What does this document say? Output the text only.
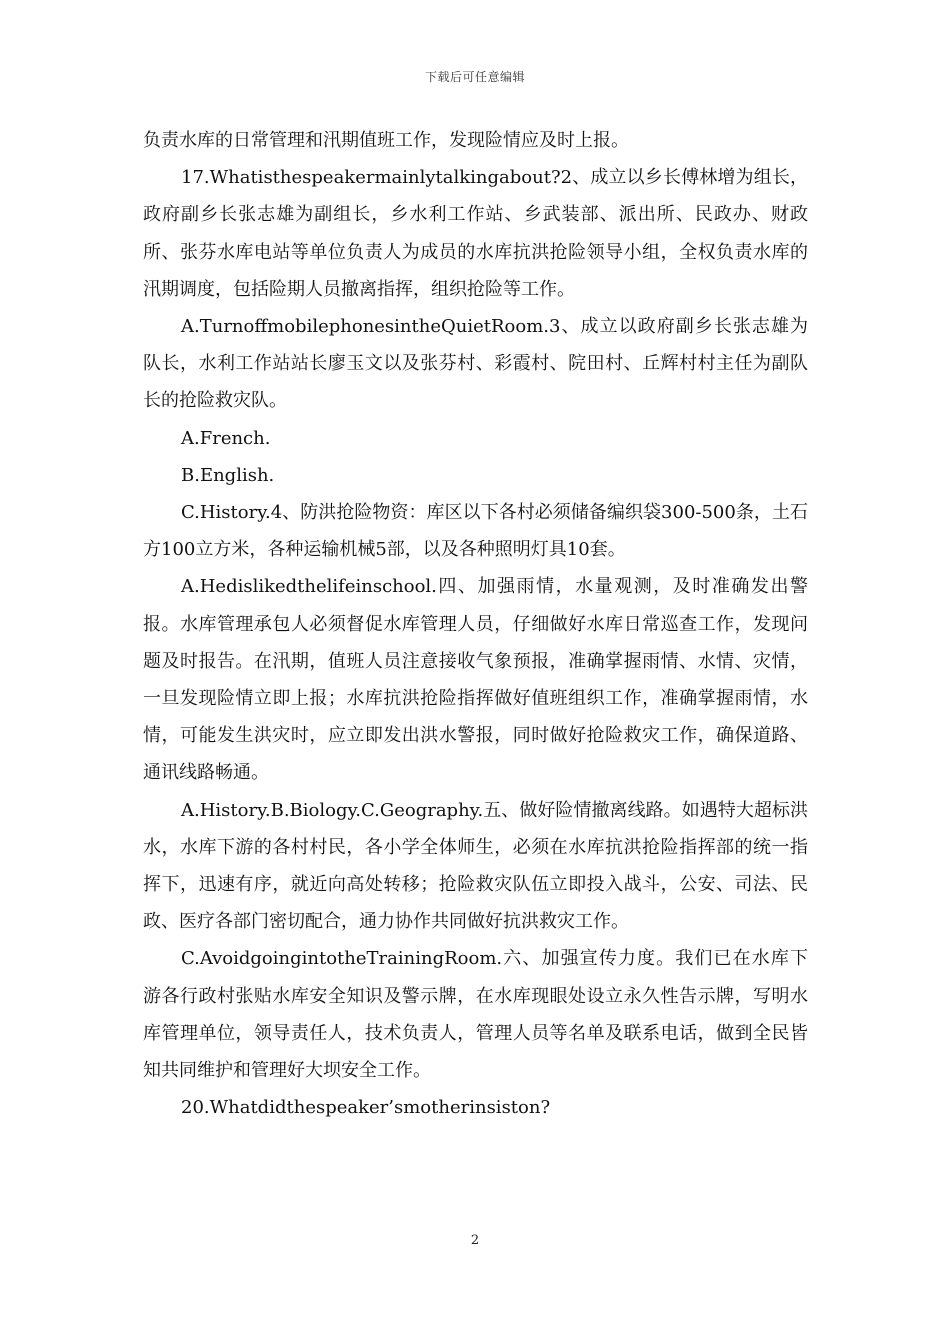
下载后可任意编辑

负责水库的日常管理和汛期值班工作，发现险情应及时上报。

17.Whatisthespeakermainlytalkingabout?2、成立以乡长傅林增为组长，政府副乡长张志雄为副组长，乡水利工作站、乡武装部、派出所、民政办、财政所、张芬水库电站等单位负责人为成员的水库抗洪抢险领导小组，全权负责水库的汛期调度，包括险期人员撤离指挥，组织抢险等工作。

A.TurnoffmobilephonesintheQuietRoom.3、成立以政府副乡长张志雄为队长，水利工作站站长廖玉文以及张芬村、彩霞村、院田村、丘辉村村主任为副队长的抢险救灾队。

A.French.

B.English.

C.History.4、防洪抢险物资：库区以下各村必须储备编织袋300-500条，土石方100立方米，各种运输机械5部，以及各种照明灯具10套。

A.Hedislikedthelifeinschool.四、加强雨情，水量观测，及时准确发出警报。水库管理承包人必须督促水库管理人员，仔细做好水库日常巡查工作，发现问题及时报告。在汛期，值班人员注意接收气象预报，准确掌握雨情、水情、灾情，一旦发现险情立即上报；水库抗洪抢险指挥做好值班组织工作，准确掌握雨情，水情，可能发生洪灾时，应立即发出洪水警报，同时做好抢险救灾工作，确保道路、通讯线路畅通。

A.History.B.Biology.C.Geography.五、做好险情撤离线路。如遇特大超标洪水，水库下游的各村村民，各小学全体师生，必须在水库抗洪抢险指挥部的统一指挥下，迅速有序，就近向高处转移；抢险救灾队伍立即投入战斗，公安、司法、民政、医疗各部门密切配合，通力协作共同做好抗洪救灾工作。

C.AvoidgoingintotheTrainingRoom.六、加强宣传力度。我们已在水库下游各行政村张贴水库安全知识及警示牌，在水库现眼处设立永久性告示牌，写明水库管理单位，领导责任人，技术负责人，管理人员等名单及联系电话，做到全民皆知共同维护和管理好大坝安全工作。

20.Whatdidthespeaker’smotherinsiston?

2
